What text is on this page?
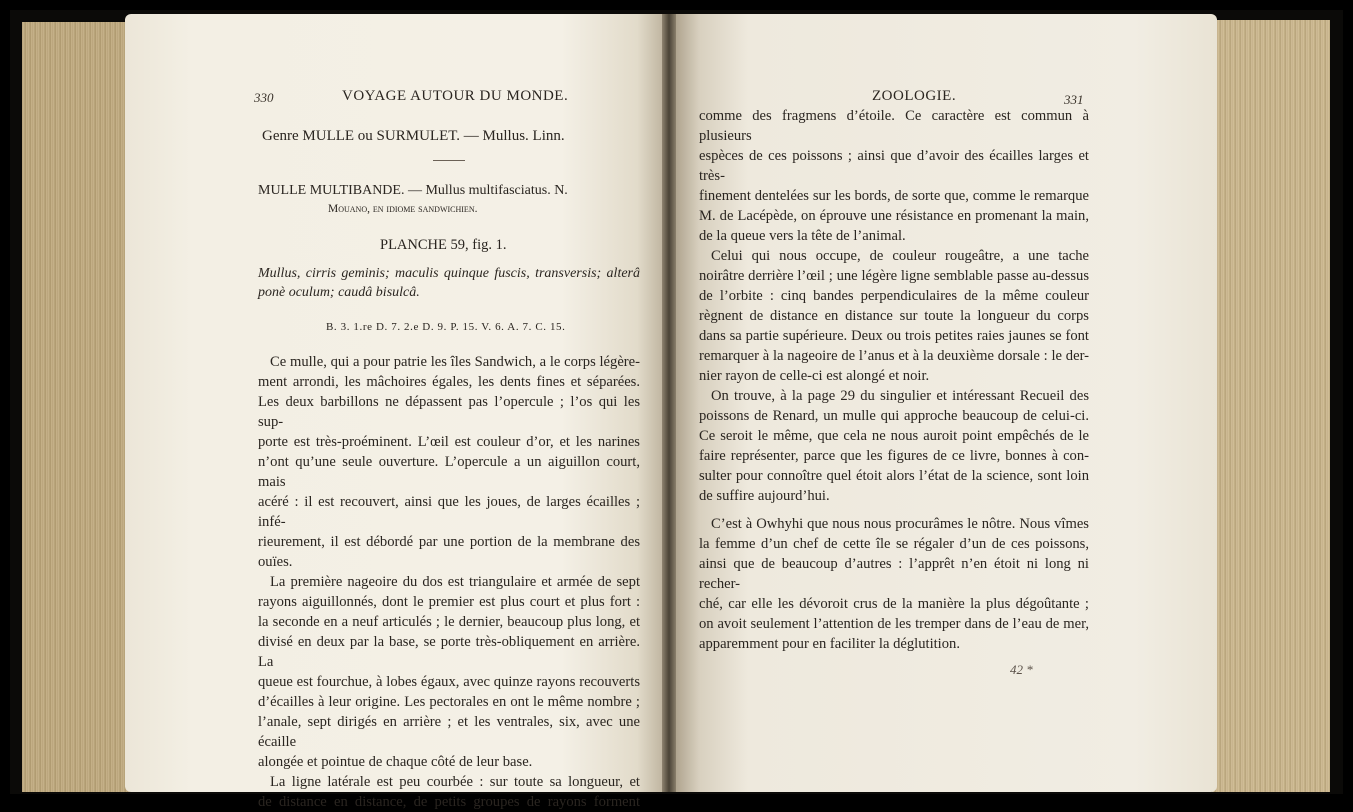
330	VOYAGE AUTOUR DU MONDE.
Genre MULLE ou SURMULET. — Mullus. Linn.
MULLE MULTIBANDE. — Mullus multifasciatus. N.
Mouano, en idiome sandwichien.
PLANCHE 59, fig. 1.
Mullus, cirris geminis; maculis quinque fuscis, transversis; alterâ
ponè oculum; caudâ bisulcâ.
B. 3. 1.re D. 7. 2.e D. 9. P. 15. V. 6. A. 7. C. 15.
Ce mulle, qui a pour patrie les îles Sandwich, a le corps légère-
ment arrondi, les mâchoires égales, les dents fines et séparées.
Les deux barbillons ne dépassent pas l’opercule ; l’os qui les sup-
porte est très-proéminent. L’œil est couleur d’or, et les narines
n’ont qu’une seule ouverture. L’opercule a un aiguillon court, mais
acéré : il est recouvert, ainsi que les joues, de larges écailles ; infé-
rieurement, il est débordé par une portion de la membrane des
ouïes.
La première nageoire du dos est triangulaire et armée de sept
rayons aiguillonnés, dont le premier est plus court et plus fort :
la seconde en a neuf articulés ; le dernier, beaucoup plus long, et
divisé en deux par la base, se porte très-obliquement en arrière. La
queue est fourchue, à lobes égaux, avec quinze rayons recouverts
d’écailles à leur origine. Les pectorales en ont le même nombre ;
l’anale, sept dirigés en arrière ; et les ventrales, six, avec une écaille
alongée et pointue de chaque côté de leur base.
La ligne latérale est peu courbée : sur toute sa longueur, et
de distance en distance, de petits groupes de rayons forment
ZOOLOGIE.	331
comme des fragmens d’étoile. Ce caractère est commun à plusieurs
espèces de ces poissons ; ainsi que d’avoir des écailles larges et très-
finement dentelées sur les bords, de sorte que, comme le remarque
M. de Lacépède, on éprouve une résistance en promenant la main,
de la queue vers la tête de l’animal.
Celui qui nous occupe, de couleur rougeâtre, a une tache
noirâtre derrière l’œil ; une légère ligne semblable passe au-dessus
de l’orbite : cinq bandes perpendiculaires de la même couleur
règnent de distance en distance sur toute la longueur du corps
dans sa partie supérieure. Deux ou trois petites raies jaunes se font
remarquer à la nageoire de l’anus et à la deuxième dorsale : le der-
nier rayon de celle-ci est alongé et noir.
On trouve, à la page 29 du singulier et intéressant Recueil des
poissons de Renard, un mulle qui approche beaucoup de celui-ci.
Ce seroit le même, que cela ne nous auroit point empêchés de le
faire représenter, parce que les figures de ce livre, bonnes à con-
sulter pour connoître quel étoit alors l’état de la science, sont loin
de suffire aujourd’hui.
C’est à Owhyhi que nous nous procurâmes le nôtre. Nous vîmes
la femme d’un chef de cette île se régaler d’un de ces poissons,
ainsi que de beaucoup d’autres : l’apprêt n’en étoit ni long ni recher-
ché, car elle les dévoroit crus de la manière la plus dégoûtante ;
on avoit seulement l’attention de les tremper dans de l’eau de mer,
apparemment pour en faciliter la déglutition.
42 *
